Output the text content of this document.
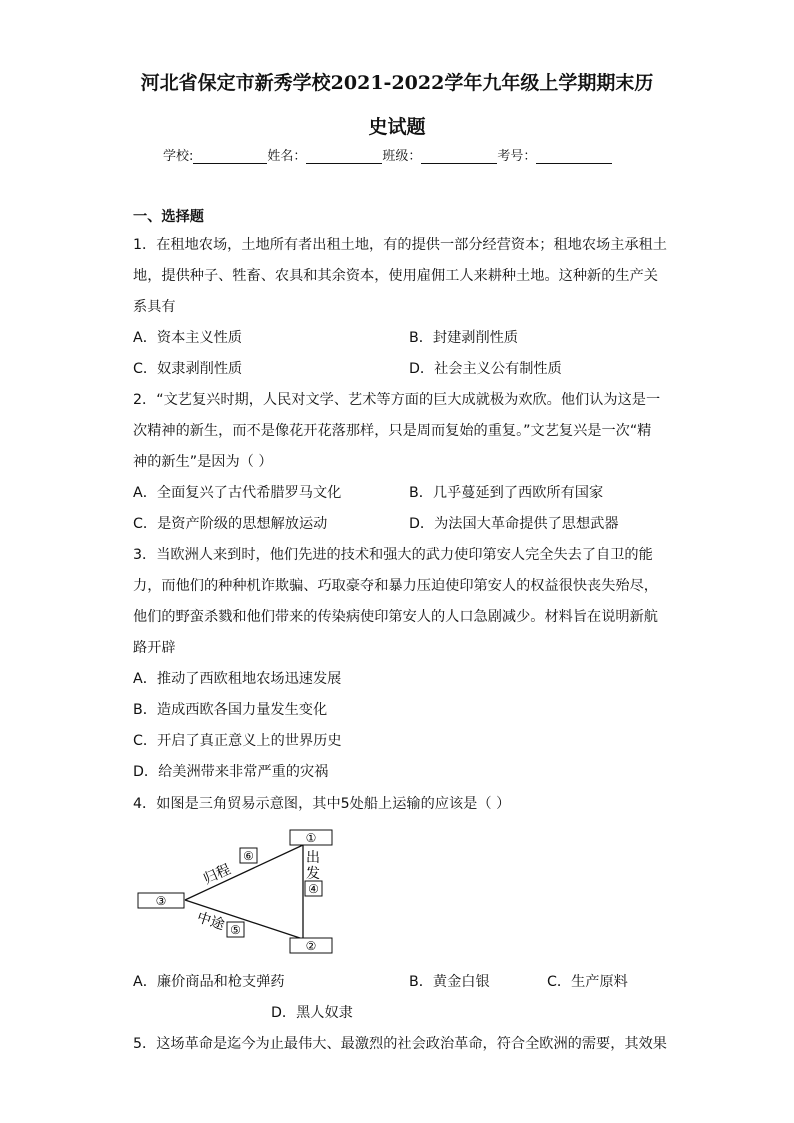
河北省保定市新秀学校2021-2022学年九年级上学期期末历
史试题
学校:	姓名：	班级：	考号：
一、选择题
1．在租地农场，土地所有者出租土地，有的提供一部分经营资本；租地农场主承租土
地，提供种子、牲畜、农具和其余资本，使用雇佣工人来耕种土地。这种新的生产关
系具有
A．资本主义性质	B．封建剥削性质
C．奴隶剥削性质	D．社会主义公有制性质
2．“文艺复兴时期，人民对文学、艺术等方面的巨大成就极为欢欣。他们认为这是一
次精神的新生，而不是像花开花落那样，只是周而复始的重复。”文艺复兴是一次“精
神的新生”是因为（ ）
A．全面复兴了古代希腊罗马文化	B．几乎蔓延到了西欧所有国家
C．是资产阶级的思想解放运动	D．为法国大革命提供了思想武器
3．当欧洲人来到时，他们先进的技术和强大的武力使印第安人完全失去了自卫的能
力，而他们的种种机诈欺骗、巧取豪夺和暴力压迫使印第安人的权益很快丧失殆尽，
他们的野蛮杀戮和他们带来的传染病使印第安人的人口急剧减少。材料旨在说明新航
路开辟
A．推动了西欧租地农场迅速发展
B．造成西欧各国力量发生变化
C．开启了真正意义上的世界历史
D．给美洲带来非常严重的灾祸
4．如图是三角贸易示意图，其中5处船上运输的应该是（ ）
①
②
③
⑥
④
⑤
归程
中途
出
发
A．廉价商品和枪支弹药	B．黄金白银	C．生产原料
D．黑人奴隶
5．这场革命是迄今为止最伟大、最激烈的社会政治革命，符合全欧洲的需要，其效果
